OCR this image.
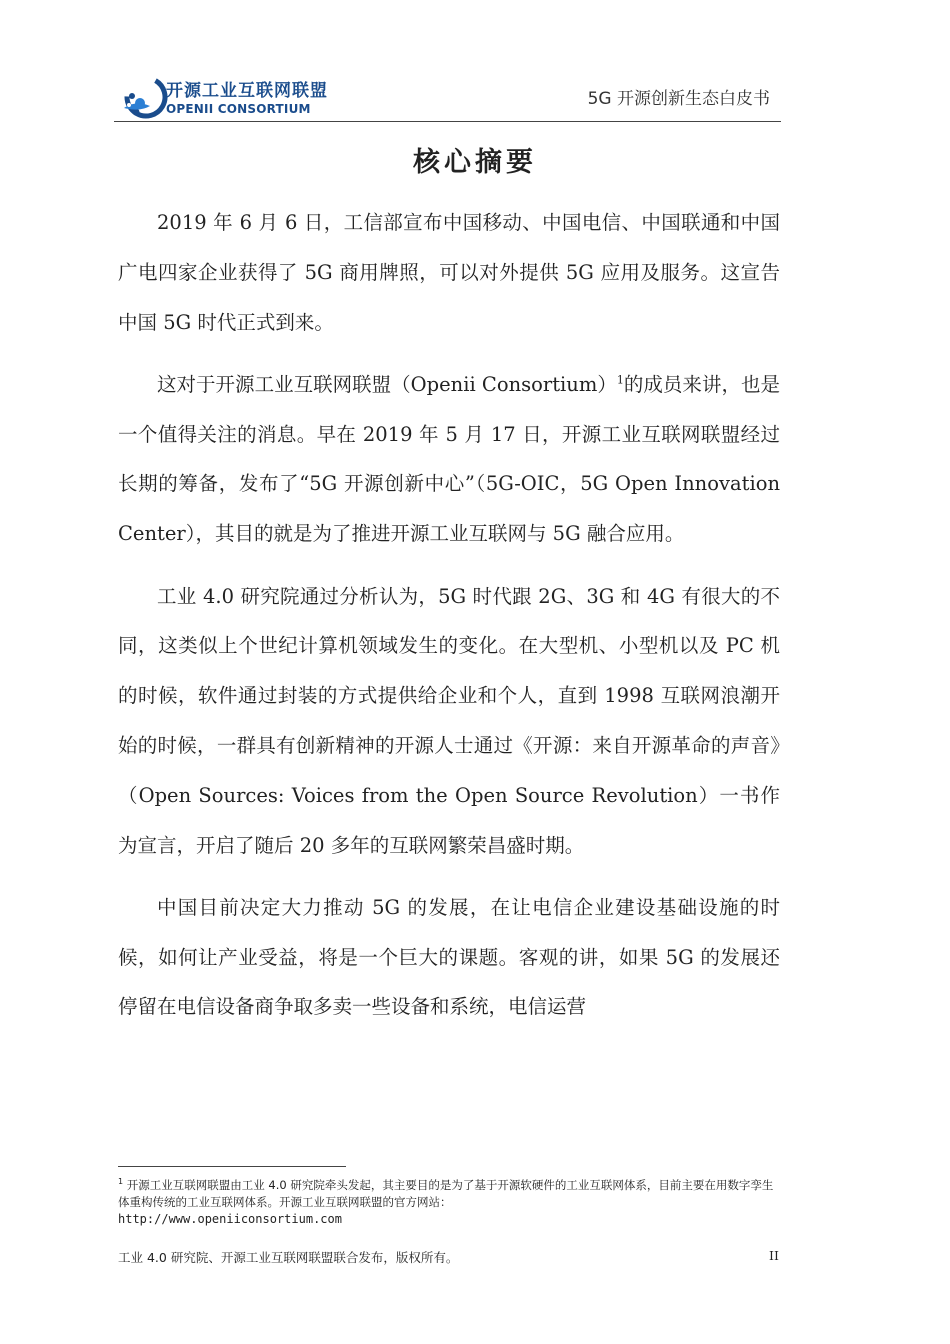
开源工业互联网联盟
OPENII CONSORTIUM	5G 开源创新生态白皮书
核心摘要

2019 年 6 月 6 日，工信部宣布中国移动、中国电信、中国联通和中国广电四家企业获得了 5G 商用牌照，可以对外提供 5G 应用及服务。这宣告中国 5G 时代正式到来。

这对于开源工业互联网联盟（Openii Consortium）$^1$的成员来讲，也是一个值得关注的消息。早在 2019 年 5 月 17 日，开源工业互联网联盟经过长期的筹备，发布了“5G 开源创新中心”（5G-OIC，5G Open Innovation Center），其目的就是为了推进开源工业互联网与 5G 融合应用。

工业 4.0 研究院通过分析认为，5G 时代跟 2G、3G 和 4G 有很大的不同，这类似上个世纪计算机领域发生的变化。在大型机、小型机以及 PC 机的时候，软件通过封装的方式提供给企业和个人，直到 1998 互联网浪潮开始的时候，一群具有创新精神的开源人士通过《开源：来自开源革命的声音》（Open Sources: Voices from the Open Source Revolution）一书作为宣言，开启了随后 20 多年的互联网繁荣昌盛时期。

中国目前决定大力推动 5G 的发展，在让电信企业建设基础设施的时候，如何让产业受益，将是一个巨大的课题。客观的讲，如果 5G 的发展还停留在电信设备商争取多卖一些设备和系统，电信运营

$^1$ 开源工业互联网联盟由工业 4.0 研究院牵头发起，其主要目的是为了基于开源软硬件的工业互联网体系，目前主要在用数字孪生体重构传统的工业互联网体系。开源工业互联网联盟的官方网站：
http://www.openiiconsortium.com
工业 4.0 研究院、开源工业互联网联盟联合发布，版权所有。	II
